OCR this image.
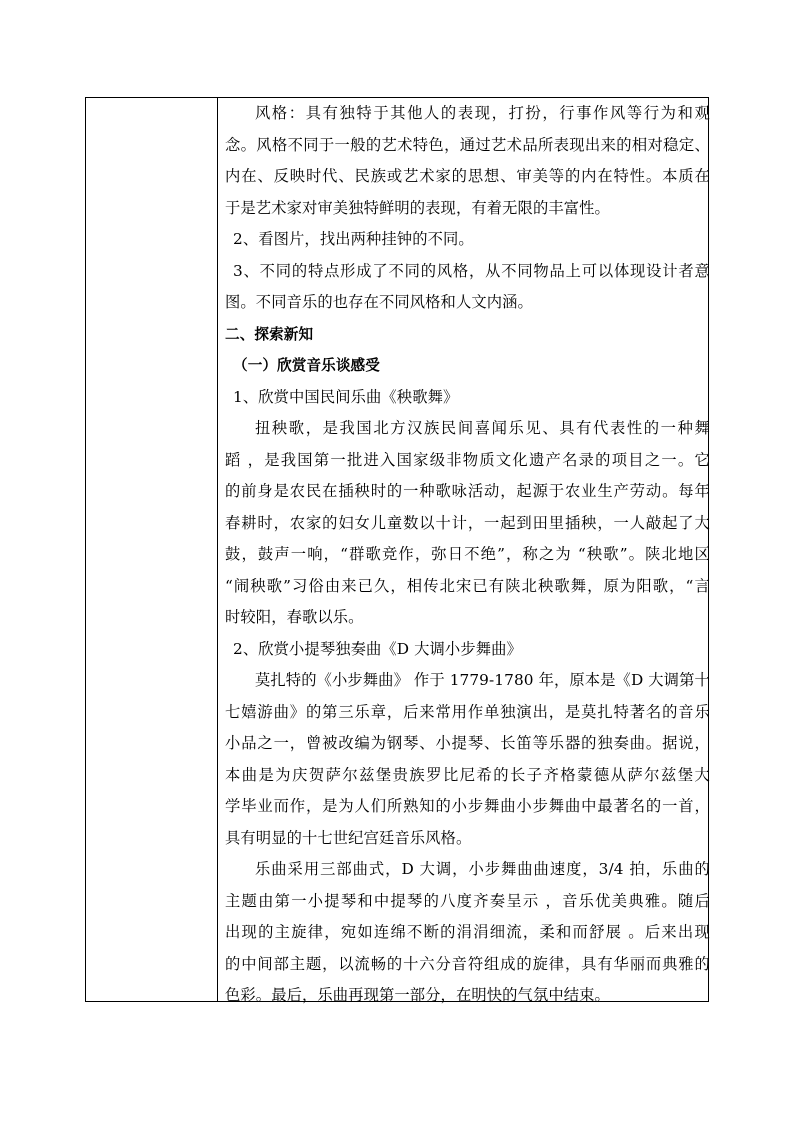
风格：具有独特于其他人的表现，打扮，行事作风等行为和观
念。风格不同于一般的艺术特色，通过艺术品所表现出来的相对稳定、
内在、反映时代、民族或艺术家的思想、审美等的内在特性。本质在
于是艺术家对审美独特鲜明的表现，有着无限的丰富性。
2、看图片，找出两种挂钟的不同。
3、不同的特点形成了不同的风格，从不同物品上可以体现设计者意
图。不同音乐的也存在不同风格和人文内涵。
二、探索新知
（一）欣赏音乐谈感受
1、欣赏中国民间乐曲《秧歌舞》
扭秧歌，是我国北方汉族民间喜闻乐见、具有代表性的一种舞
蹈 ，是我国第一批进入国家级非物质文化遗产名录的项目之一。它
的前身是农民在插秧时的一种歌咏活动，起源于农业生产劳动。每年
春耕时，农家的妇女儿童数以十计，一起到田里插秧，一人敲起了大
鼓，鼓声一响，“群歌竞作，弥日不绝”，称之为 “秧歌”。陕北地区
“闹秧歌”习俗由来已久，相传北宋已有陕北秧歌舞，原为阳歌，“言
时较阳，春歌以乐。
2、欣赏小提琴独奏曲《D 大调小步舞曲》
莫扎特的《小步舞曲》 作于 1779-1780 年，原本是《D 大调第十
七嬉游曲》的第三乐章，后来常用作单独演出，是莫扎特著名的音乐
小品之一，曾被改编为钢琴、小提琴、长笛等乐器的独奏曲。据说，
本曲是为庆贺萨尔兹堡贵族罗比尼希的长子齐格蒙德从萨尔兹堡大
学毕业而作，是为人们所熟知的小步舞曲小步舞曲中最著名的一首，
具有明显的十七世纪宫廷音乐风格。
乐曲采用三部曲式，D 大调，小步舞曲曲速度，3/4 拍，乐曲的
主题由第一小提琴和中提琴的八度齐奏呈示 ，音乐优美典雅。随后
出现的主旋律，宛如连绵不断的涓涓细流，柔和而舒展 。后来出现
的中间部主题，以流畅的十六分音符组成的旋律，具有华丽而典雅的
色彩。最后，乐曲再现第一部分，在明快的气氛中结束。
